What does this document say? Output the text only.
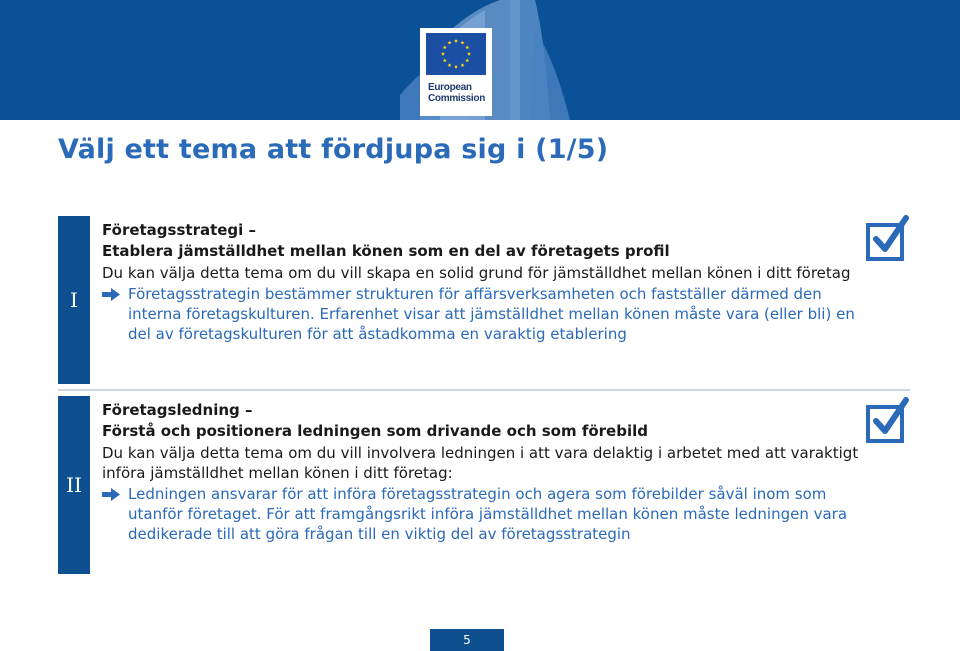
European
Commission
Välj ett tema att fördjupa sig i (1/5)
I

Företagsstrategi –

Etablera jämställdhet mellan könen som en del av företagets profil

Du kan välja detta tema om du vill skapa en solid grund för jämställdhet mellan könen i ditt företag

Företagsstrategin bestämmer strukturen för affärsverksamheten och fastställer därmed den interna företagskulturen. Erfarenhet visar att jämställdhet mellan könen måste vara (eller bli) en del av företagskulturen för att åstadkomma en varaktig etablering

II

Företagsledning –

Förstå och positionera ledningen som drivande och som förebild

Du kan välja detta tema om du vill involvera ledningen i att vara delaktig i arbetet med att varaktigt införa jämställdhet mellan könen i ditt företag:

Ledningen ansvarar för att införa företagsstrategin och agera som förebilder såväl inom som utanför företaget. För att framgångsrikt införa jämställdhet mellan könen måste ledningen vara dedikerade till att göra frågan till en viktig del av företagsstrategin

5
